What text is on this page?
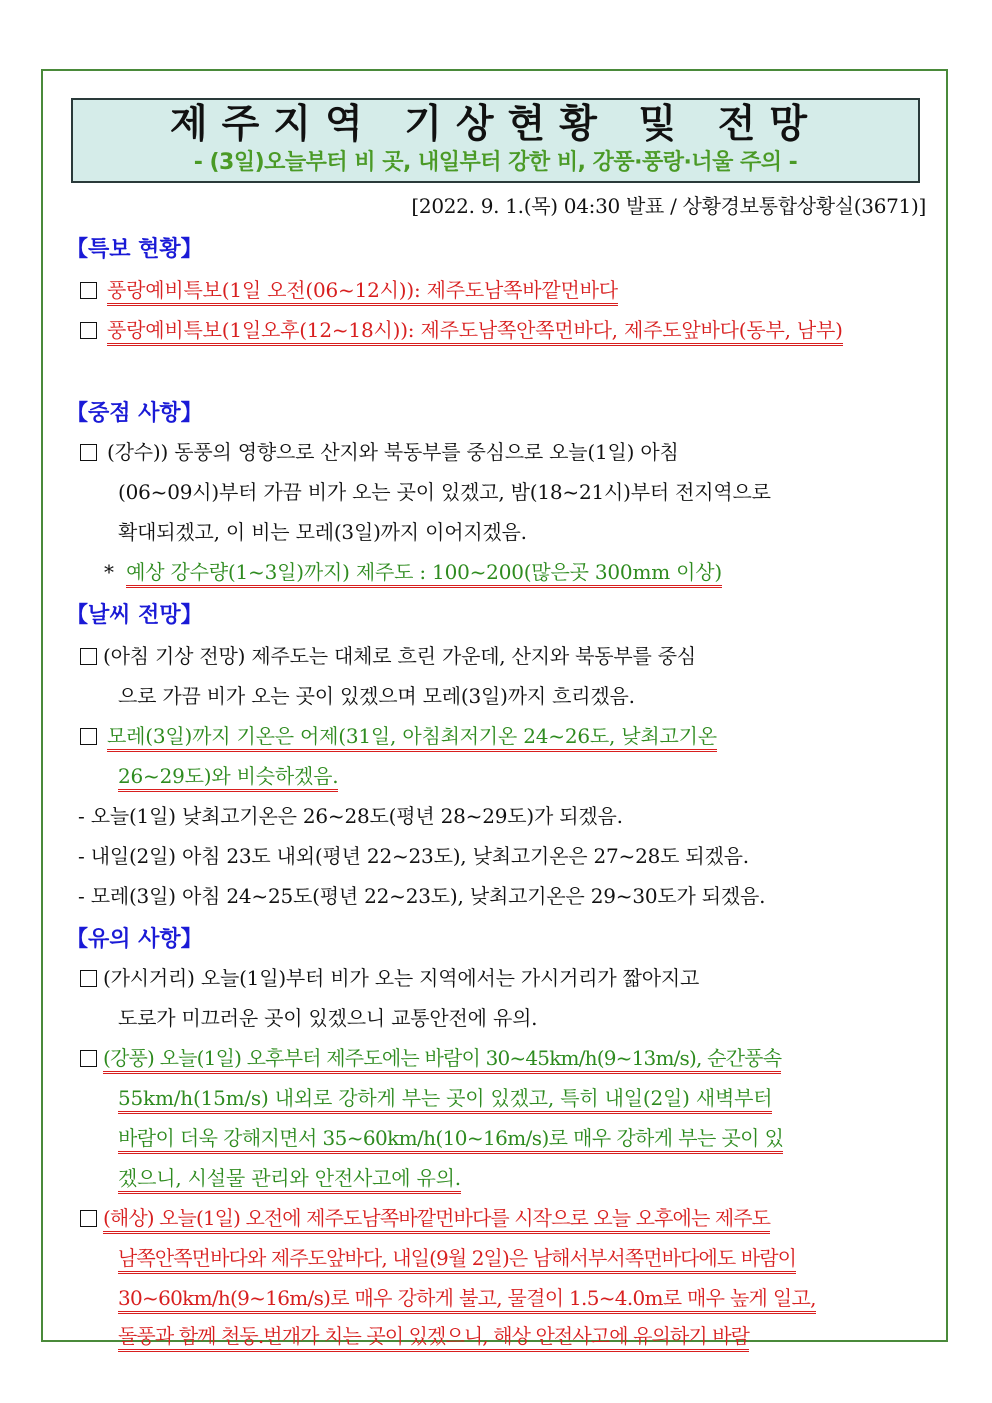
제주지역 기상현황 및 전망
- (3일)오늘부터 비 곳, 내일부터 강한 비, 강풍·풍랑·너울 주의 -
[2022. 9. 1.(목) 04:30 발표 / 상황경보통합상황실(3671)]
【특보 현황】
풍랑예비특보(1일 오전(06~12시)): 제주도남쪽바깥먼바다
풍랑예비특보(1일오후(12~18시)): 제주도남쪽안쪽먼바다, 제주도앞바다(동부, 남부)
【중점 사항】
(강수)) 동풍의 영향으로 산지와 북동부를 중심으로 오늘(1일) 아침
(06~09시)부터 가끔 비가 오는 곳이 있겠고, 밤(18~21시)부터 전지역으로
확대되겠고, 이 비는 모레(3일)까지 이어지겠음.
* 예상 강수량(1~3일)까지) 제주도 : 100~200(많은곳 300mm 이상)
【날씨 전망】
(아침 기상 전망) 제주도는 대체로 흐린 가운데, 산지와 북동부를 중심
으로 가끔 비가 오는 곳이 있겠으며 모레(3일)까지 흐리겠음.
모레(3일)까지 기온은 어제(31일, 아침최저기온 24~26도, 낮최고기온
26~29도)와 비슷하겠음.
- 오늘(1일) 낮최고기온은 26~28도(평년 28~29도)가 되겠음.
- 내일(2일) 아침 23도 내외(평년 22~23도), 낮최고기온은 27~28도 되겠음.
- 모레(3일) 아침 24~25도(평년 22~23도), 낮최고기온은 29~30도가 되겠음.
【유의 사항】
(가시거리) 오늘(1일)부터 비가 오는 지역에서는 가시거리가 짧아지고
도로가 미끄러운 곳이 있겠으니 교통안전에 유의.
(강풍) 오늘(1일) 오후부터 제주도에는 바람이 30~45km/h(9~13m/s), 순간풍속
55km/h(15m/s) 내외로 강하게 부는 곳이 있겠고, 특히 내일(2일) 새벽부터
바람이 더욱 강해지면서 35~60km/h(10~16m/s)로 매우 강하게 부는 곳이 있
겠으니, 시설물 관리와 안전사고에 유의.
(해상) 오늘(1일) 오전에 제주도남쪽바깥먼바다를 시작으로 오늘 오후에는 제주도
남쪽안쪽먼바다와 제주도앞바다, 내일(9월 2일)은 남해서부서쪽먼바다에도 바람이
30~60km/h(9~16m/s)로 매우 강하게 불고, 물결이 1.5~4.0m로 매우 높게 일고,
돌풍과 함께 천둥.번개가 치는 곳이 있겠으니, 해상 안전사고에 유의하기 바람
